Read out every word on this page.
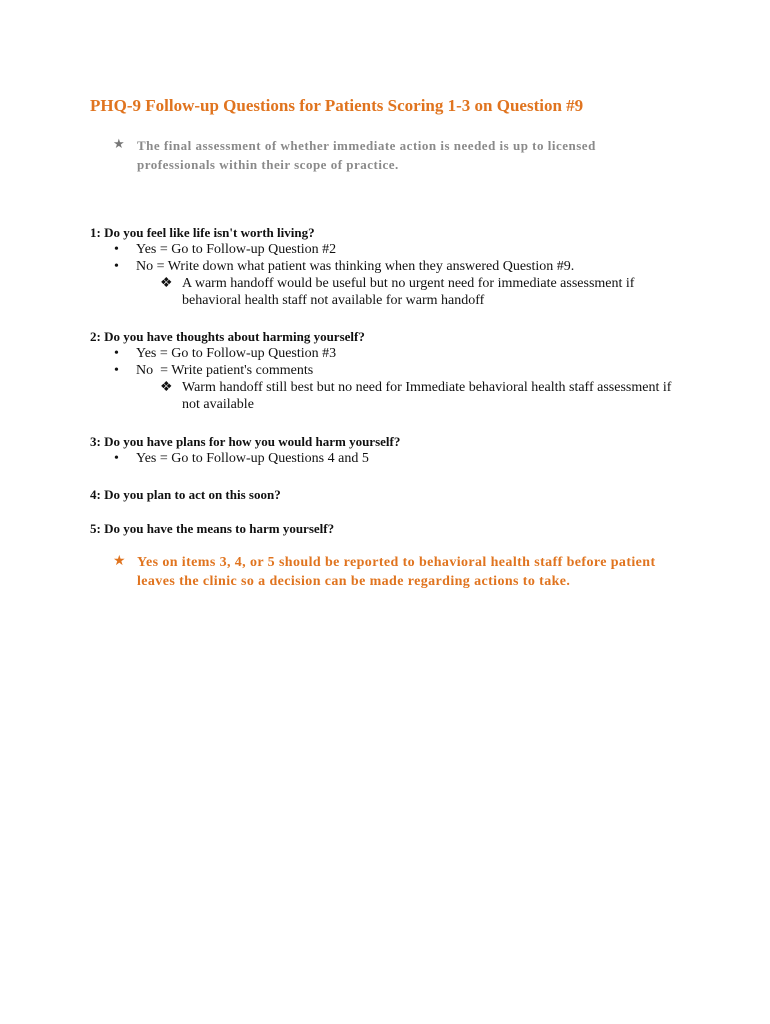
PHQ-9 Follow-up Questions for Patients Scoring 1-3 on Question #9
★ The final assessment of whether immediate action is needed is up to licensed professionals within their scope of practice.
1: Do you feel like life isn't worth living?
• Yes = Go to Follow-up Question #2
• No = Write down what patient was thinking when they answered Question #9.
❖ A warm handoff would be useful but no urgent need for immediate assessment if behavioral health staff not available for warm handoff
2: Do you have thoughts about harming yourself?
• Yes = Go to Follow-up Question #3
• No  = Write patient's comments
❖ Warm handoff still best but no need for Immediate behavioral health staff assessment if not available
3: Do you have plans for how you would harm yourself?
• Yes = Go to Follow-up Questions 4 and 5
4: Do you plan to act on this soon?
5: Do you have the means to harm yourself?
★ Yes on items 3, 4, or 5 should be reported to behavioral health staff before patient leaves the clinic so a decision can be made regarding actions to take.
